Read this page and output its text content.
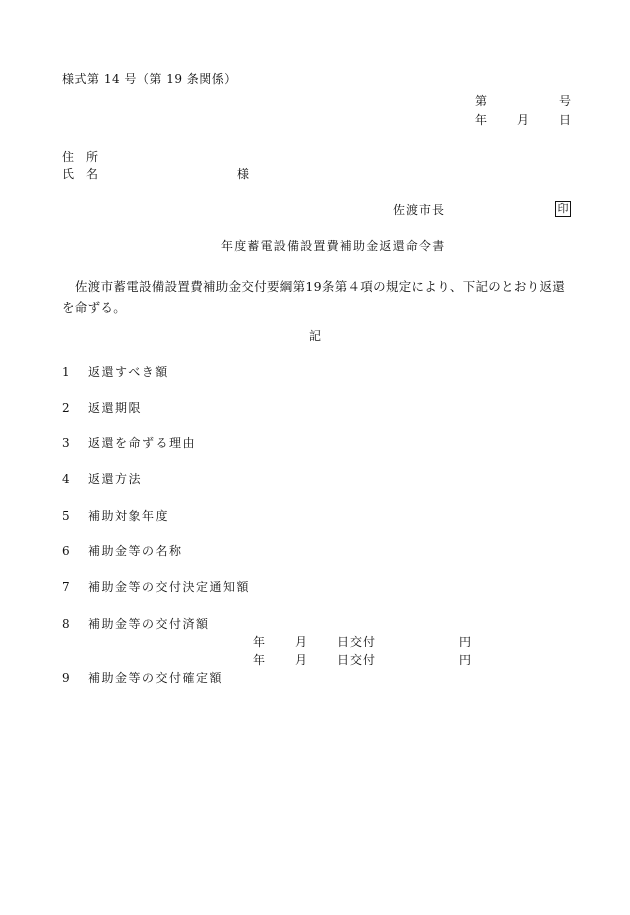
様式第 14 号（第 19 条関係）
第	号
年 月 日
住　所
氏　名	様
佐渡市長	印
年度蓄電設備設置費補助金返還命令書
佐渡市蓄電設備設置費補助金交付要綱第19条第４項の規定により、下記のとおり返還を命ずる。
記
1	返還すべき額
2	返還期限
3	返還を命ずる理由
4	返還方法
5	補助対象年度
6	補助金等の名称
7	補助金等の交付決定通知額
8	補助金等の交付済額
年 月 日交付	円
年 月 日交付	円
9	補助金等の交付確定額
